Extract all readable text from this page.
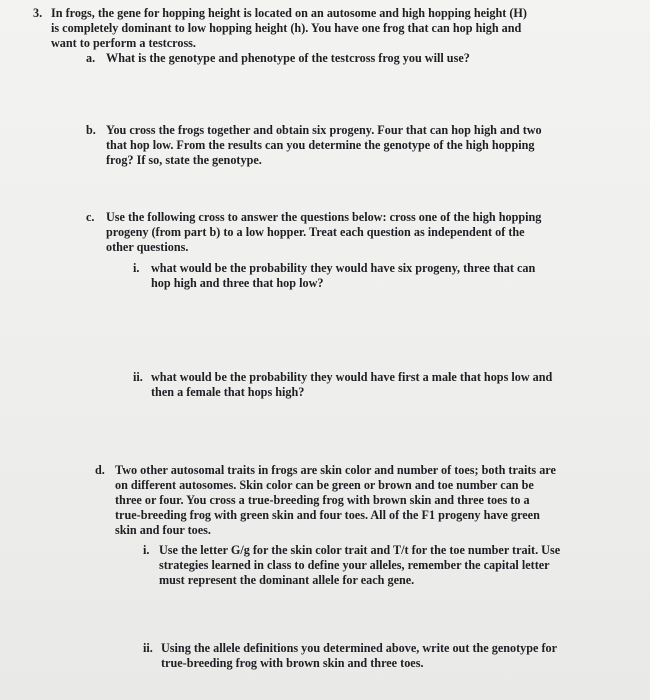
3. In frogs, the gene for hopping height is located on an autosome and high hopping height (H)
is completely dominant to low hopping height (h). You have one frog that can hop high and
want to perform a testcross.
a. What is the genotype and phenotype of the testcross frog you will use?
b. You cross the frogs together and obtain six progeny. Four that can hop high and two
that hop low. From the results can you determine the genotype of the high hopping
frog? If so, state the genotype.
c. Use the following cross to answer the questions below: cross one of the high hopping
progeny (from part b) to a low hopper. Treat each question as independent of the
other questions.
i. what would be the probability they would have six progeny, three that can
hop high and three that hop low?
ii. what would be the probability they would have first a male that hops low and
then a female that hops high?
d. Two other autosomal traits in frogs are skin color and number of toes; both traits are
on different autosomes. Skin color can be green or brown and toe number can be
three or four. You cross a true-breeding frog with brown skin and three toes to a
true-breeding frog with green skin and four toes. All of the F1 progeny have green
skin and four toes.
i. Use the letter G/g for the skin color trait and T/t for the toe number trait. Use
strategies learned in class to define your alleles, remember the capital letter
must represent the dominant allele for each gene.
ii. Using the allele definitions you determined above, write out the genotype for
true-breeding frog with brown skin and three toes.
